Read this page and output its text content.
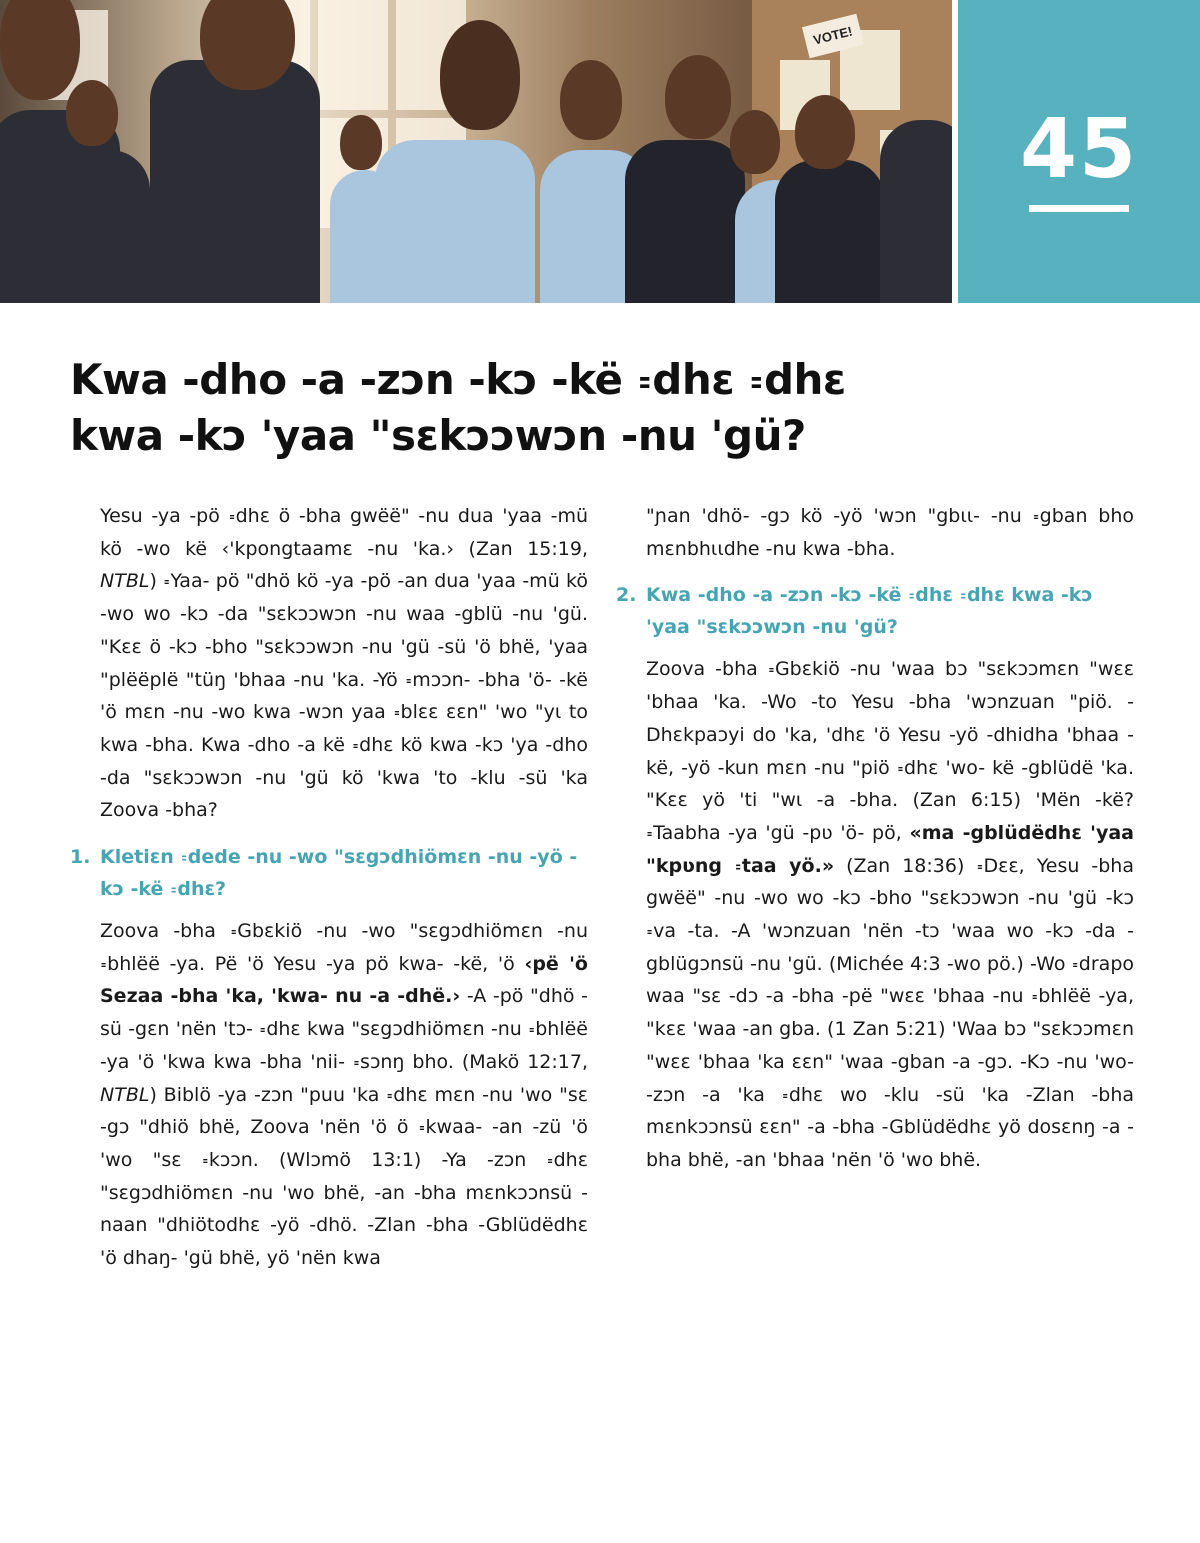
VOTE!
45
Kwa -dho -a -zɔn -kɔ -kë ꞊dhɛ ꞊dhɛ
kwa -kɔ 'yaa "sɛkɔɔwɔn -nu 'gü?

Yesu -ya -pö ꞊dhɛ ö -bha gwëë" -nu dua 'yaa -mü kö -wo kë ‹'kpongtaamɛ -nu 'ka.› (Zan 15:19, NTBL) ꞊Yaa- pö "dhö kö -ya -pö -an dua 'yaa -mü kö -wo wo -kɔ -da "sɛkɔɔwɔn -nu waa -gblü -nu 'gü. "Kɛɛ ö -kɔ -bho "sɛkɔɔwɔn -nu 'gü -sü 'ö bhë, 'yaa "plëëplë "tüŋ 'bhaa -nu 'ka. -Yö ꞊mɔɔn- -bha 'ö- -kë 'ö mɛn -nu -wo kwa -wɔn yaa ꞊blɛɛ ɛɛn" 'wo "yɩ to kwa -bha. Kwa -dho -a kë ꞊dhɛ kö kwa -kɔ 'ya -dho -da "sɛkɔɔwɔn -nu 'gü kö 'kwa 'to -klu -sü 'ka Zoova -bha?

1. Kletiɛn ꞊dede -nu -wo "sɛgɔdhiömɛn -nu -yö -kɔ -kë ꞊dhɛ?

Zoova -bha ꞊Gbɛkiö -nu -wo "sɛgɔdhiömɛn -nu ꞊bhlëë -ya. Pë 'ö Yesu -ya pö kwa- -kë, 'ö ‹pë 'ö Sezaa -bha 'ka, 'kwa- nu -a -dhë.› -A -pö "dhö -sü -gɛn 'nën 'tɔ- ꞊dhɛ kwa "sɛgɔdhiömɛn -nu ꞊bhlëë -ya 'ö 'kwa kwa -bha 'nii- ꞊sɔnŋ bho. (Makö 12:17, NTBL) Biblö -ya -zɔn "puu 'ka ꞊dhɛ mɛn -nu 'wo "sɛ -gɔ "dhiö bhë, Zoova 'nën 'ö ö ꞊kwaa- -an -zü 'ö 'wo "sɛ ꞊kɔɔn. (Wlɔmö 13:1) -Ya -zɔn ꞊dhɛ "sɛgɔdhiömɛn -nu 'wo bhë, -an -bha mɛnkɔɔnsü -naan "dhiötodhɛ -yö -dhö. -Zlan -bha -Gblüdëdhɛ 'ö dhaŋ- 'gü bhë, yö 'nën kwa

"ɲan 'dhö- -gɔ kö -yö 'wɔn "gbɩɩ- -nu ꞊gban bho mɛnbhɩɩdhe -nu kwa -bha.

2. Kwa -dho -a -zɔn -kɔ -kë ꞊dhɛ ꞊dhɛ kwa -kɔ 'yaa "sɛkɔɔwɔn -nu 'gü?

Zoova -bha ꞊Gbɛkiö -nu 'waa bɔ "sɛkɔɔmɛn "wɛɛ 'bhaa 'ka. -Wo -to Yesu -bha 'wɔnzuan "piö. -Dhɛkpaɔyi do 'ka, 'dhɛ 'ö Yesu -yö -dhidha 'bhaa -kë, -yö -kun mɛn -nu "piö ꞊dhɛ 'wo- kë -gblüdë 'ka. "Kɛɛ yö 'ti "wɩ -a -bha. (Zan 6:15) 'Mën -kë? ꞊Taabha -ya 'gü -pʋ 'ö- pö, «ma -gblüdëdhɛ 'yaa "kpʋng ꞊taa yö.» (Zan 18:36) ꞊Dɛɛ, Yesu -bha gwëë" -nu -wo wo -kɔ -bho "sɛkɔɔwɔn -nu 'gü -kɔ ꞊va -ta. -A 'wɔnzuan 'nën -tɔ 'waa wo -kɔ -da -gblügɔnsü -nu 'gü. (Michée 4:3 -wo pö.) -Wo ꞊drapo waa "sɛ -dɔ -a -bha -pë "wɛɛ 'bhaa -nu ꞊bhlëë -ya, "kɛɛ 'waa -an gba. (1 Zan 5:21) 'Waa bɔ "sɛkɔɔmɛn "wɛɛ 'bhaa 'ka ɛɛn" 'waa -gban -a -gɔ. -Kɔ -nu 'wo- -zɔn -a 'ka ꞊dhɛ wo -klu -sü 'ka -Zlan -bha mɛnkɔɔnsü ɛɛn" -a -bha -Gblüdëdhɛ yö dosɛnŋ -a -bha bhë, -an 'bhaa 'nën 'ö 'wo bhë.
